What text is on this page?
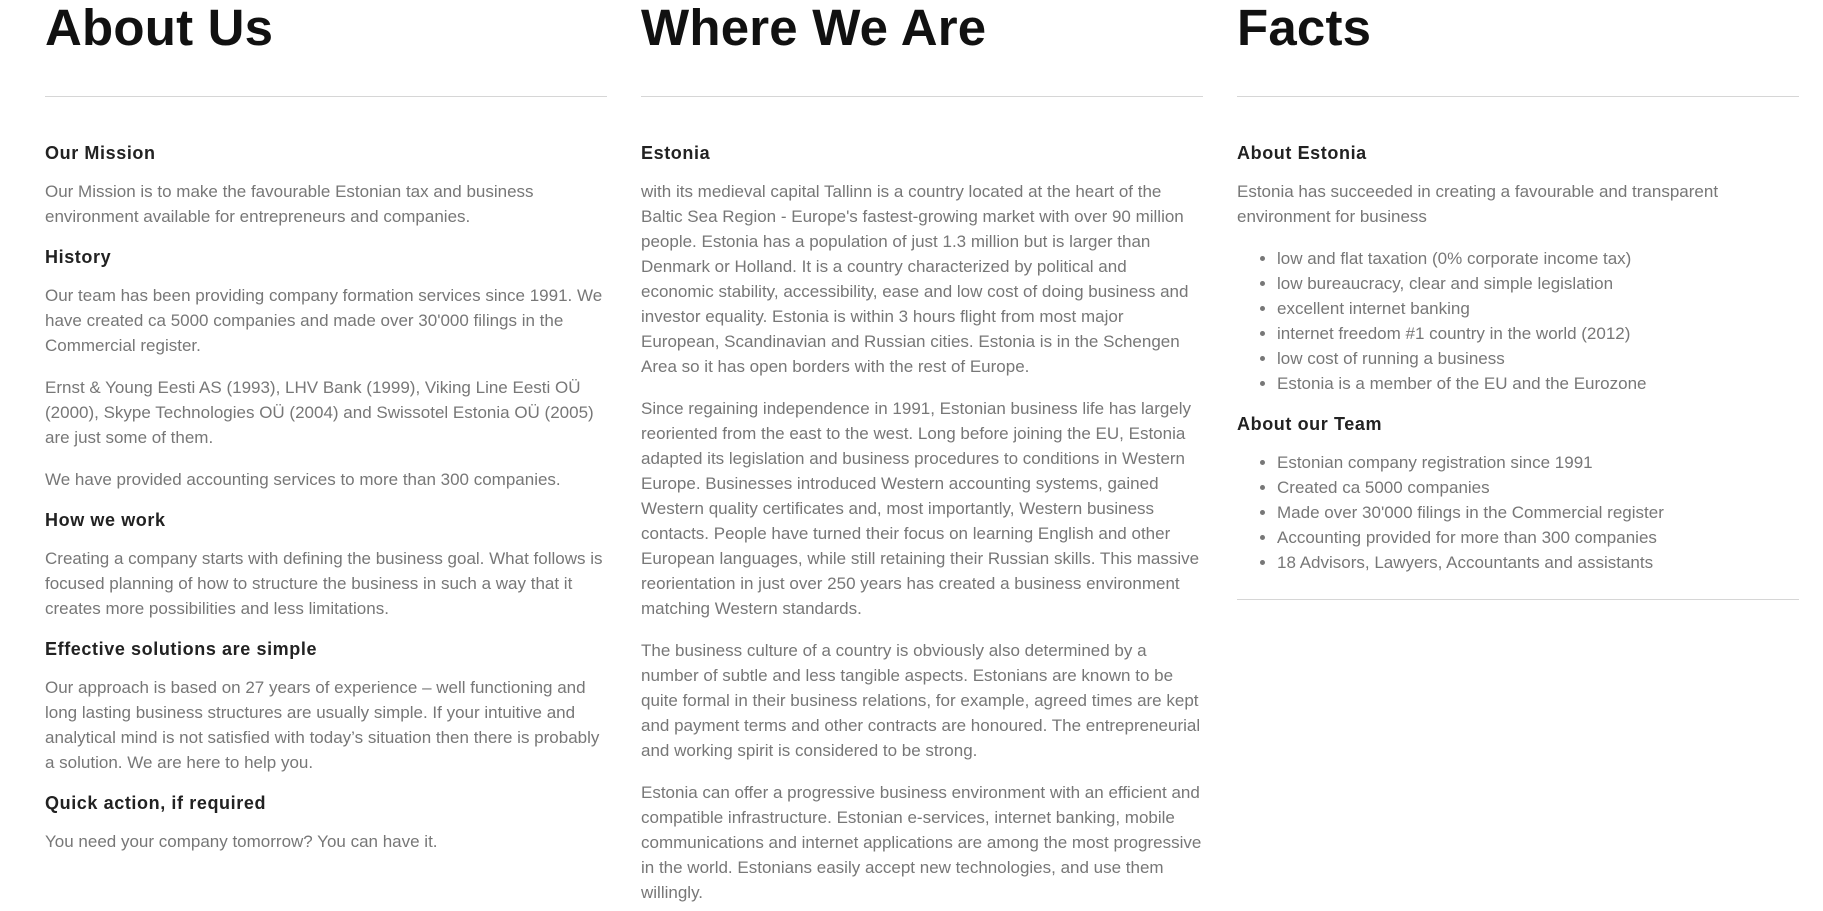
About Us
Our Mission

Our Mission is to make the favourable Estonian tax and business environment available for entrepreneurs and companies.

History

Our team has been providing company formation services since 1991. We have created ca 5000 companies and made over 30'000 filings in the Commercial register.

Ernst & Young Eesti AS (1993), LHV Bank (1999), Viking Line Eesti OÜ (2000), Skype Technologies OÜ (2004) and Swissotel Estonia OÜ (2005) are just some of them.

We have provided accounting services to more than 300 companies.

How we work

Creating a company starts with defining the business goal. What follows is focused planning of how to structure the business in such a way that it creates more possibilities and less limitations.

Effective solutions are simple

Our approach is based on 27 years of experience – well functioning and long lasting business structures are usually simple. If your intuitive and analytical mind is not satisfied with today’s situation then there is probably a solution. We are here to help you.

Quick action, if required

You need your company tomorrow? You can have it.

Where We Are
Estonia

with its medieval capital Tallinn is a country located at the heart of the Baltic Sea Region - Europe's fastest-growing market with over 90 million people. Estonia has a population of just 1.3 million but is larger than Denmark or Holland. It is a country characterized by political and economic stability, accessibility, ease and low cost of doing business and investor equality. Estonia is within 3 hours flight from most major European, Scandinavian and Russian cities. Estonia is in the Schengen Area so it has open borders with the rest of Europe.

Since regaining independence in 1991, Estonian business life has largely reoriented from the east to the west. Long before joining the EU, Estonia adapted its legislation and business procedures to conditions in Western Europe. Businesses introduced Western accounting systems, gained Western quality certificates and, most importantly, Western business contacts. People have turned their focus on learning English and other European languages, while still retaining their Russian skills. This massive reorientation in just over 250 years has created a business environment matching Western standards.

The business culture of a country is obviously also determined by a number of subtle and less tangible aspects. Estonians are known to be quite formal in their business relations, for example, agreed times are kept and payment terms and other contracts are honoured. The entrepreneurial and working spirit is considered to be strong.

Estonia can offer a progressive business environment with an efficient and compatible infrastructure. Estonian e-services, internet banking, mobile communications and internet applications are among the most progressive in the world. Estonians easily accept new technologies, and use them willingly.

Facts
About Estonia

Estonia has succeeded in creating a favourable and transparent environment for business

• low and flat taxation (0% corporate income tax)
• low bureaucracy, clear and simple legislation
• excellent internet banking
• internet freedom #1 country in the world (2012)
• low cost of running a business
• Estonia is a member of the EU and the Eurozone
About our Team
• Estonian company registration since 1991
• Created ca 5000 companies
• Made over 30'000 filings in the Commercial register
• Accounting provided for more than 300 companies
• 18 Advisors, Lawyers, Accountants and assistants
